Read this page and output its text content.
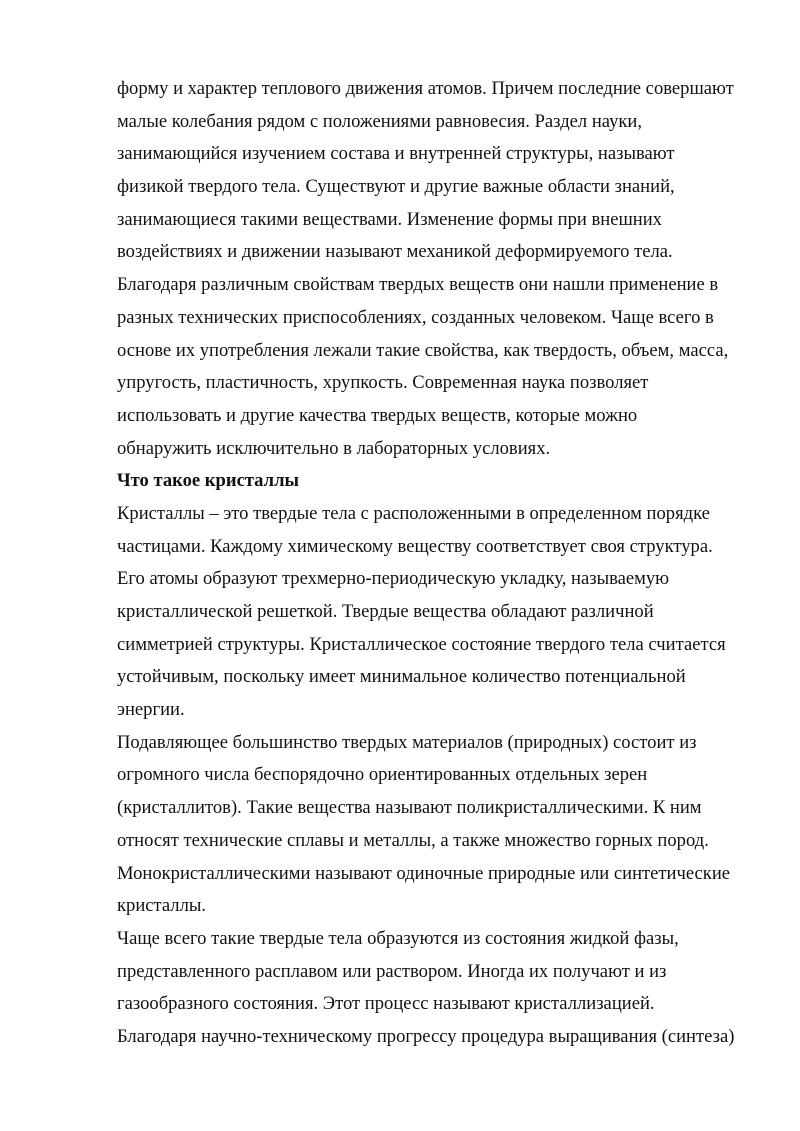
форму и характер теплового движения атомов. Причем последние совершают
малые колебания рядом с положениями равновесия. Раздел науки,
занимающийся изучением состава и внутренней структуры, называют
физикой твердого тела. Существуют и другие важные области знаний,
занимающиеся такими веществами. Изменение формы при внешних
воздействиях и движении называют механикой деформируемого тела.
Благодаря различным свойствам твердых веществ они нашли применение в
разных технических приспособлениях, созданных человеком. Чаще всего в
основе их употребления лежали такие свойства, как твердость, объем, масса,
упругость, пластичность, хрупкость. Современная наука позволяет
использовать и другие качества твердых веществ, которые можно
обнаружить исключительно в лабораторных условиях.
Что такое кристаллы
Кристаллы – это твердые тела с расположенными в определенном порядке
частицами. Каждому химическому веществу соответствует своя структура.
Его атомы образуют трехмерно-периодическую укладку, называемую
кристаллической решеткой. Твердые вещества обладают различной
симметрией структуры. Кристаллическое состояние твердого тела считается
устойчивым, поскольку имеет минимальное количество потенциальной
энергии.
Подавляющее большинство твердых материалов (природных) состоит из
огромного числа беспорядочно ориентированных отдельных зерен
(кристаллитов). Такие вещества называют поликристаллическими. К ним
относят технические сплавы и металлы, а также множество горных пород.
Монокристаллическими называют одиночные природные или синтетические
кристаллы.
Чаще всего такие твердые тела образуются из состояния жидкой фазы,
представленного расплавом или раствором. Иногда их получают и из
газообразного состояния. Этот процесс называют кристаллизацией.
Благодаря научно-техническому прогрессу процедура выращивания (синтеза)
